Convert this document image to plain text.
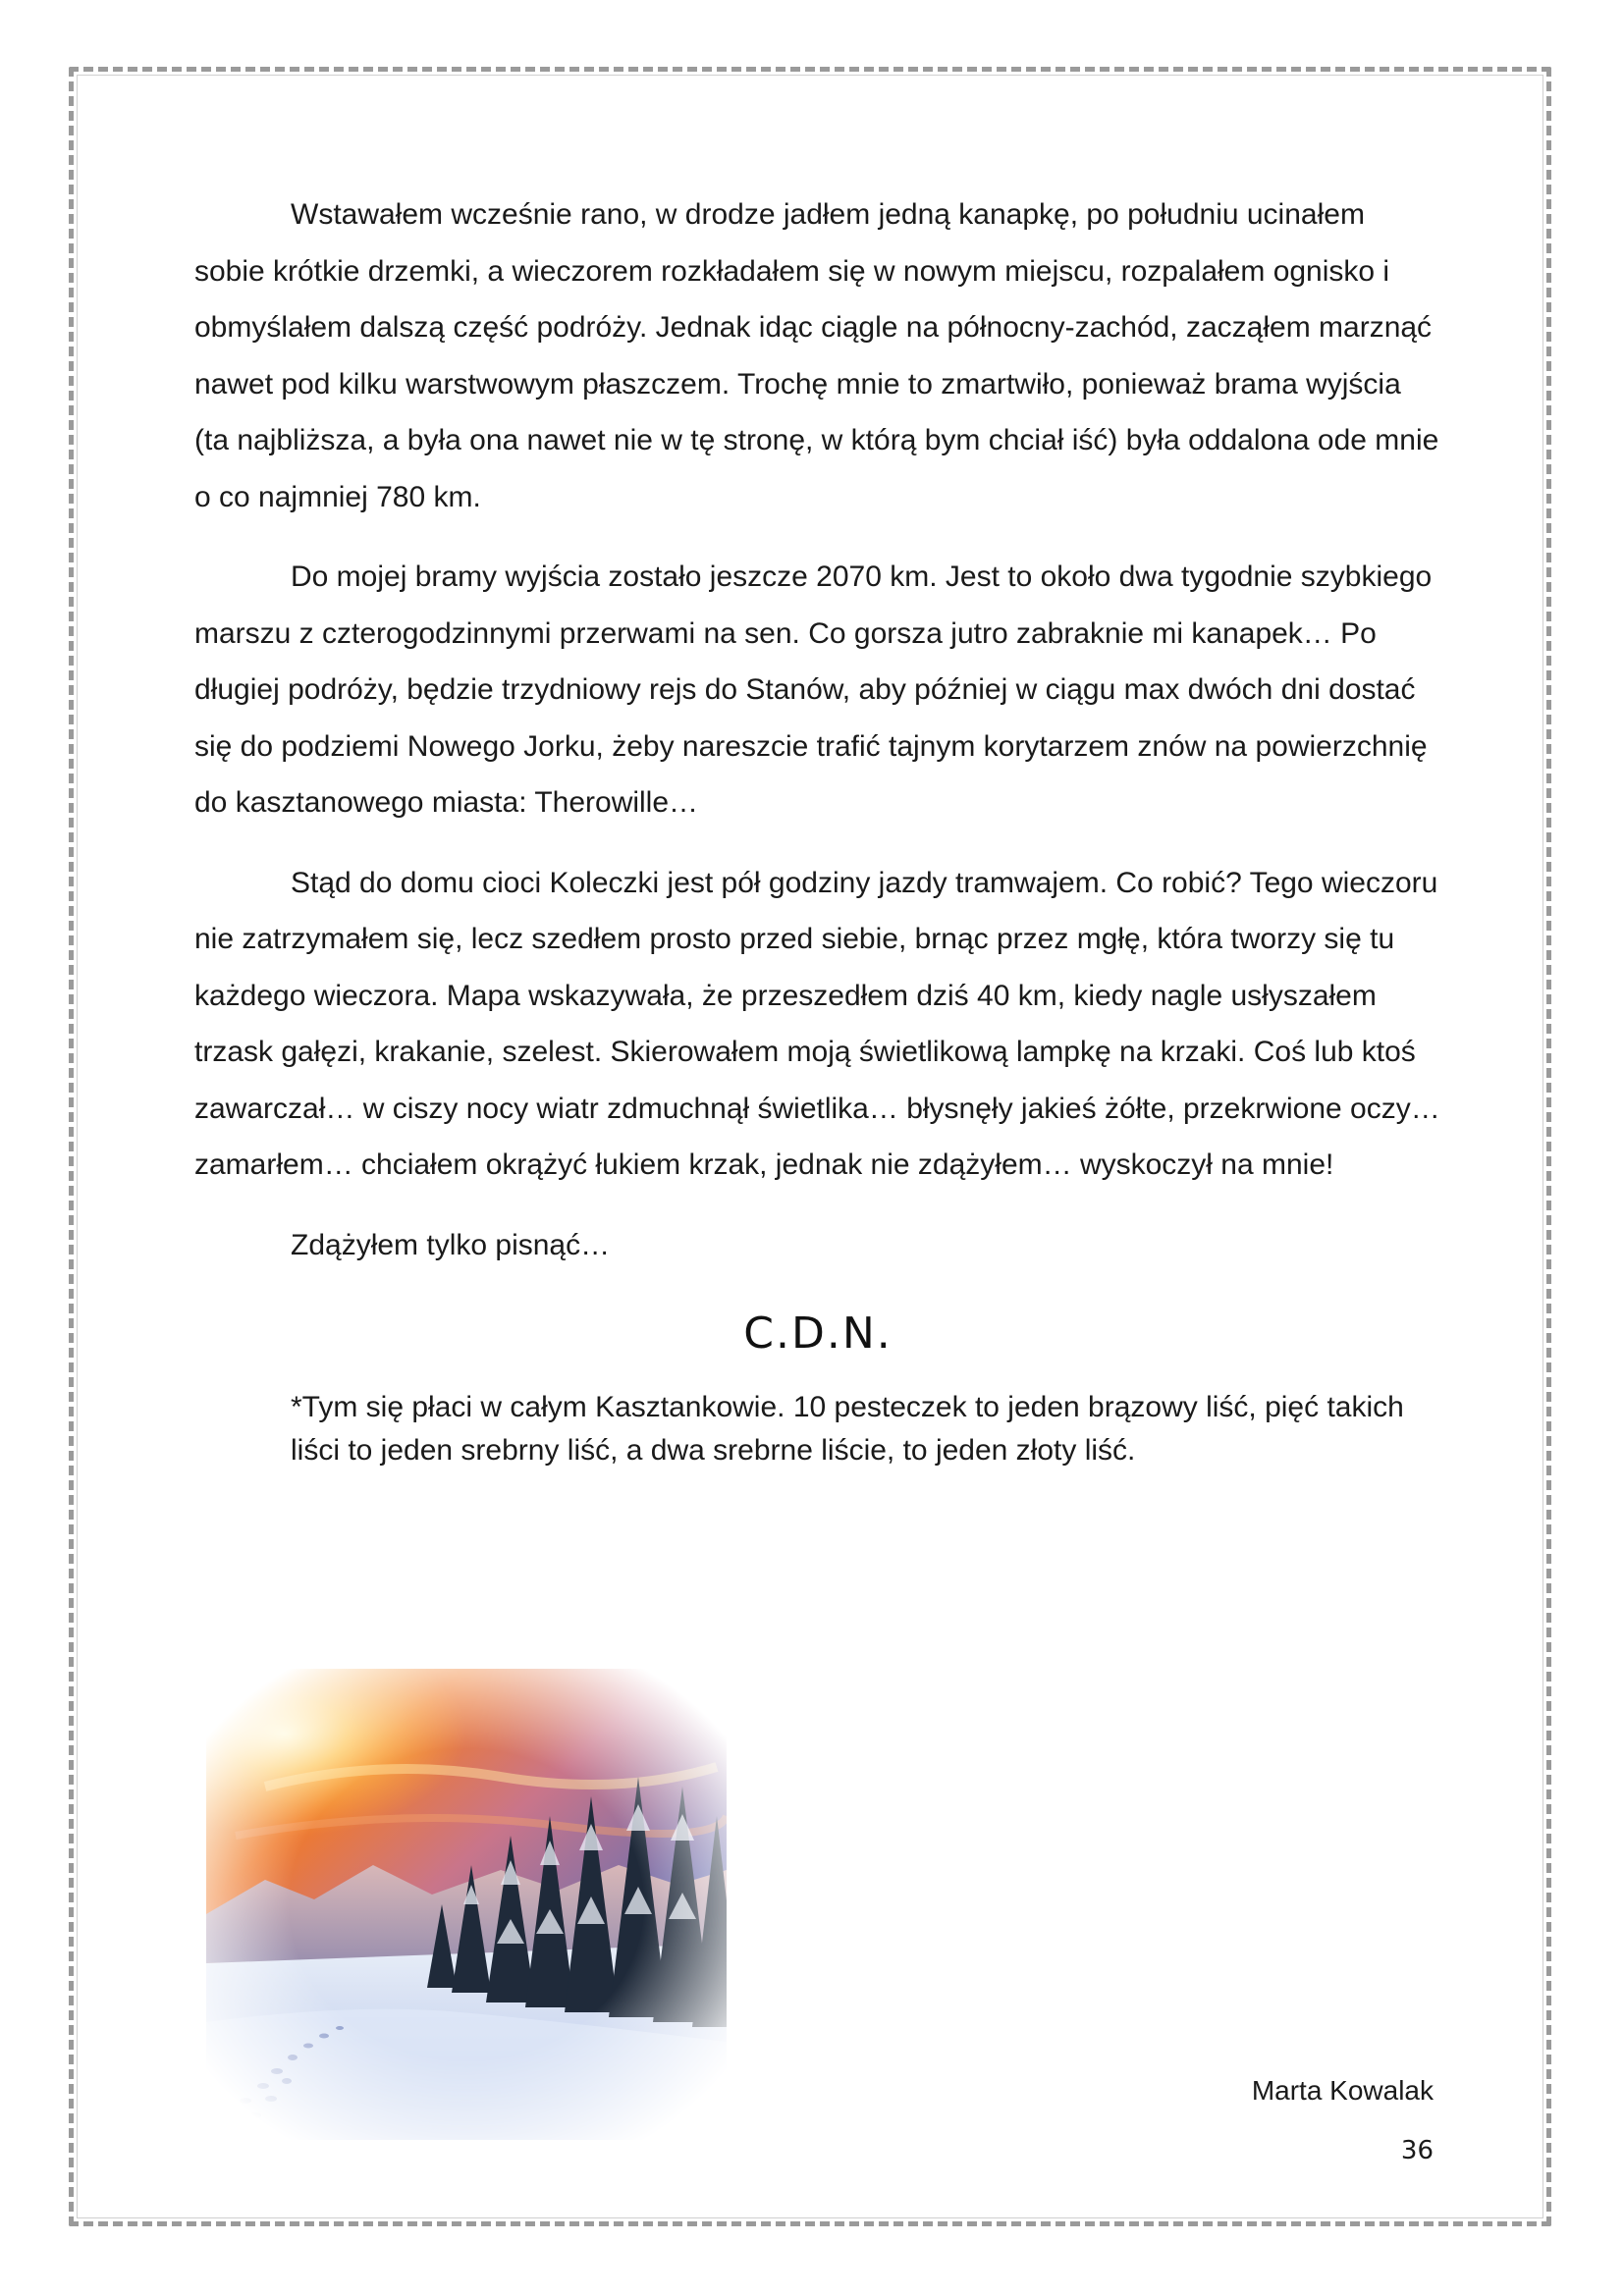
Wstawałem wcześnie rano, w drodze jadłem jedną kanapkę, po południu ucinałem sobie krótkie drzemki, a wieczorem rozkładałem się w nowym miejscu, rozpalałem ognisko i obmyślałem dalszą część podróży. Jednak idąc ciągle na północny-zachód, zacząłem marznąć nawet pod kilku warstwowym płaszczem. Trochę mnie to zmartwiło, ponieważ brama wyjścia (ta najbliższa, a była ona nawet nie w tę stronę, w którą bym chciał iść) była oddalona ode mnie o co najmniej 780 km.

Do mojej bramy wyjścia zostało jeszcze 2070 km. Jest to około dwa tygodnie szybkiego marszu z czterogodzinnymi przerwami na sen. Co gorsza jutro zabraknie mi kanapek… Po długiej podróży, będzie trzydniowy rejs do Stanów, aby później w ciągu max dwóch dni dostać się do podziemi Nowego Jorku, żeby nareszcie trafić tajnym korytarzem znów na powierzchnię do kasztanowego miasta: Therowille…

Stąd do domu cioci Koleczki jest pół godziny jazdy tramwajem. Co robić? Tego wieczoru nie zatrzymałem się, lecz szedłem prosto przed siebie, brnąc przez mgłę, która tworzy się tu każdego wieczora. Mapa wskazywała, że przeszedłem dziś 40 km, kiedy nagle usłyszałem trzask gałęzi, krakanie, szelest. Skierowałem moją świetlikową lampkę na krzaki. Coś lub ktoś zawarczał… w ciszy nocy wiatr zdmuchnął świetlika… błysnęły jakieś żółte, przekrwione oczy… zamarłem… chciałem okrążyć łukiem krzak, jednak nie zdążyłem… wyskoczył na mnie!

Zdążyłem tylko pisnąć…

C.D.N.

*Tym się płaci w całym Kasztankowie. 10 pesteczek to jeden brązowy liść, pięć takich liści to jeden srebrny liść, a dwa srebrne liście, to jeden złoty liść.

Marta Kowalak
36
